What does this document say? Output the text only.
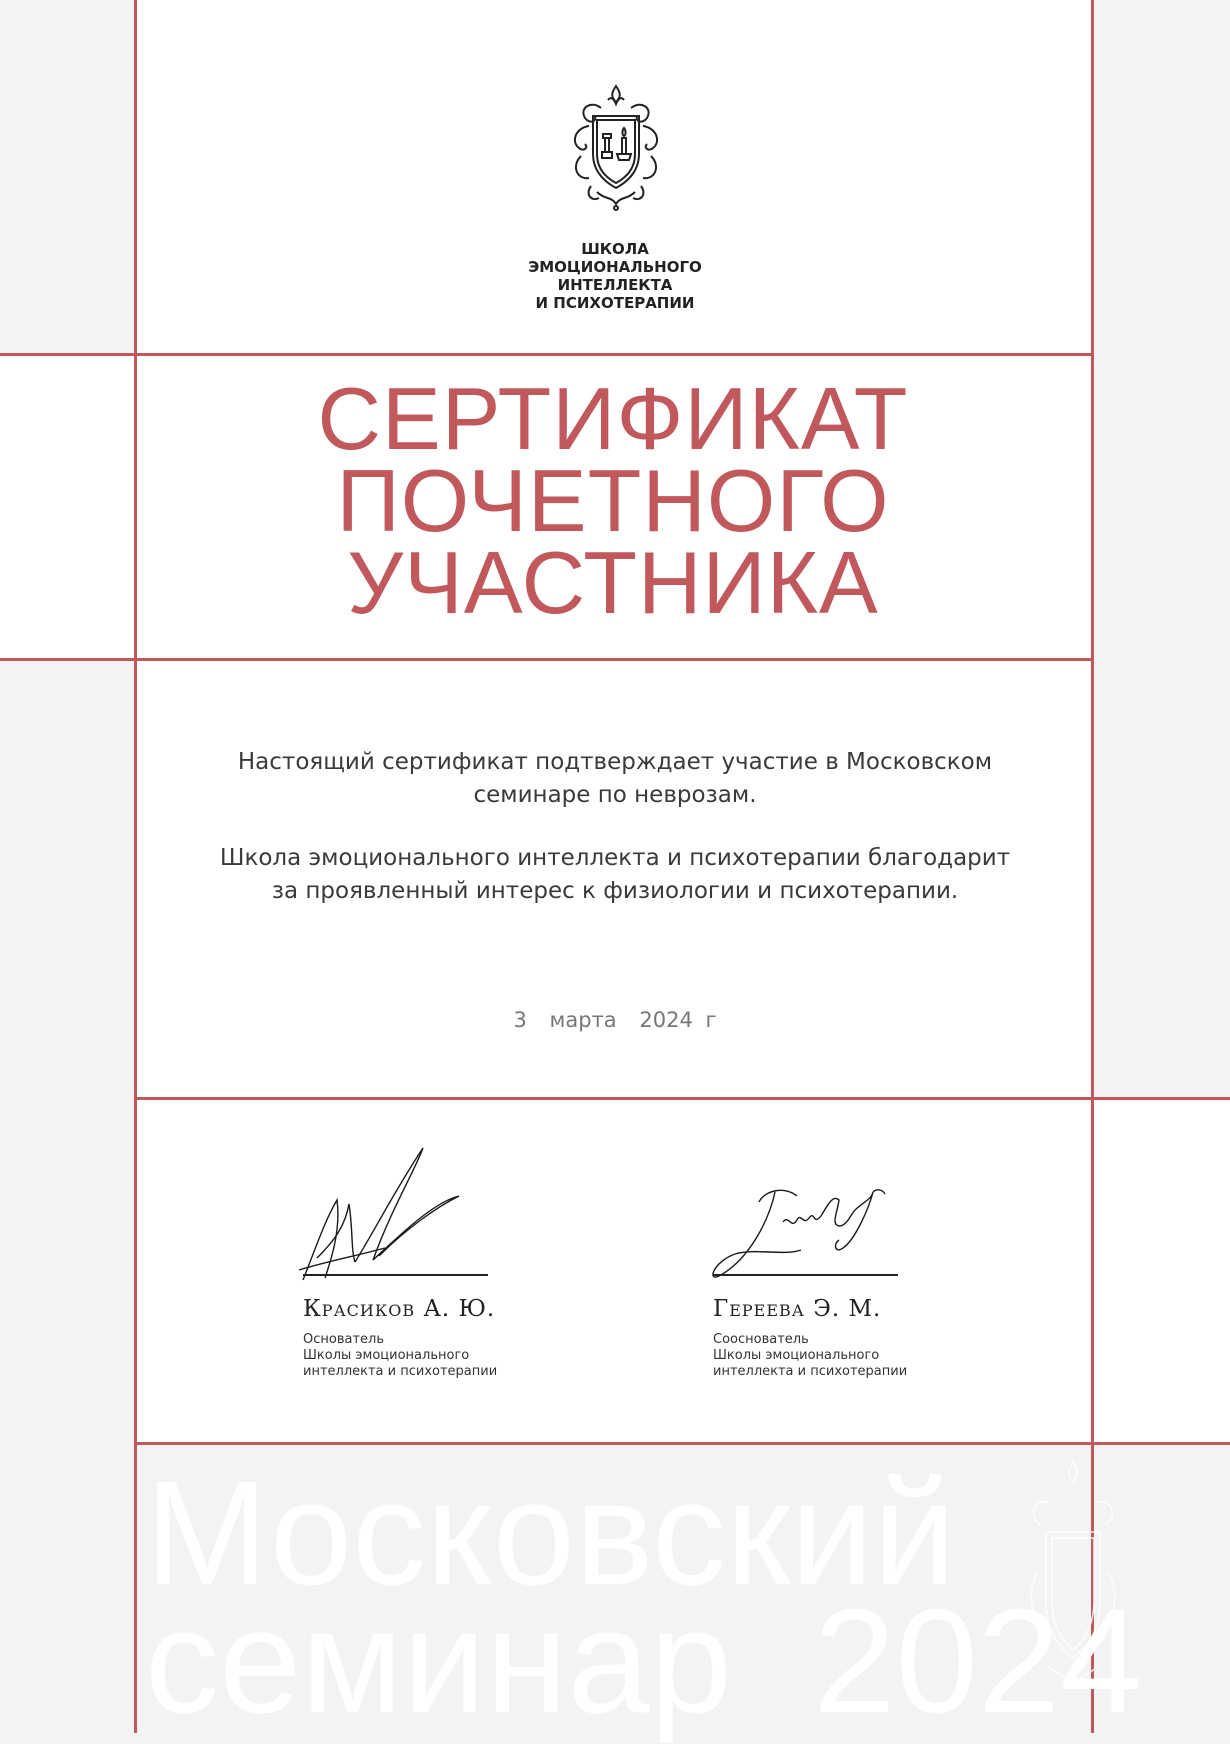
ШКОЛА
ЭМОЦИОНАЛЬНОГО
ИНТЕЛЛЕКТА
И ПСИХОТЕРАПИИ
СЕРТИФИКАТ
ПОЧЕТНОГО
УЧАСТНИКА
Настоящий сертификат подтверждает участие в Московском
семинаре по неврозам.
Школа эмоционального интеллекта и психотерапии благодарит
за проявленный интерес к физиологии и психотерапии.
3 марта 2024 г
Красиков А. Ю.
Основатель
Школы эмоционального
интеллекта и психотерапии
Гереева Э. М.
Сооснователь
Школы эмоционального
интеллекта и психотерапии
Московский
семинар 2024
